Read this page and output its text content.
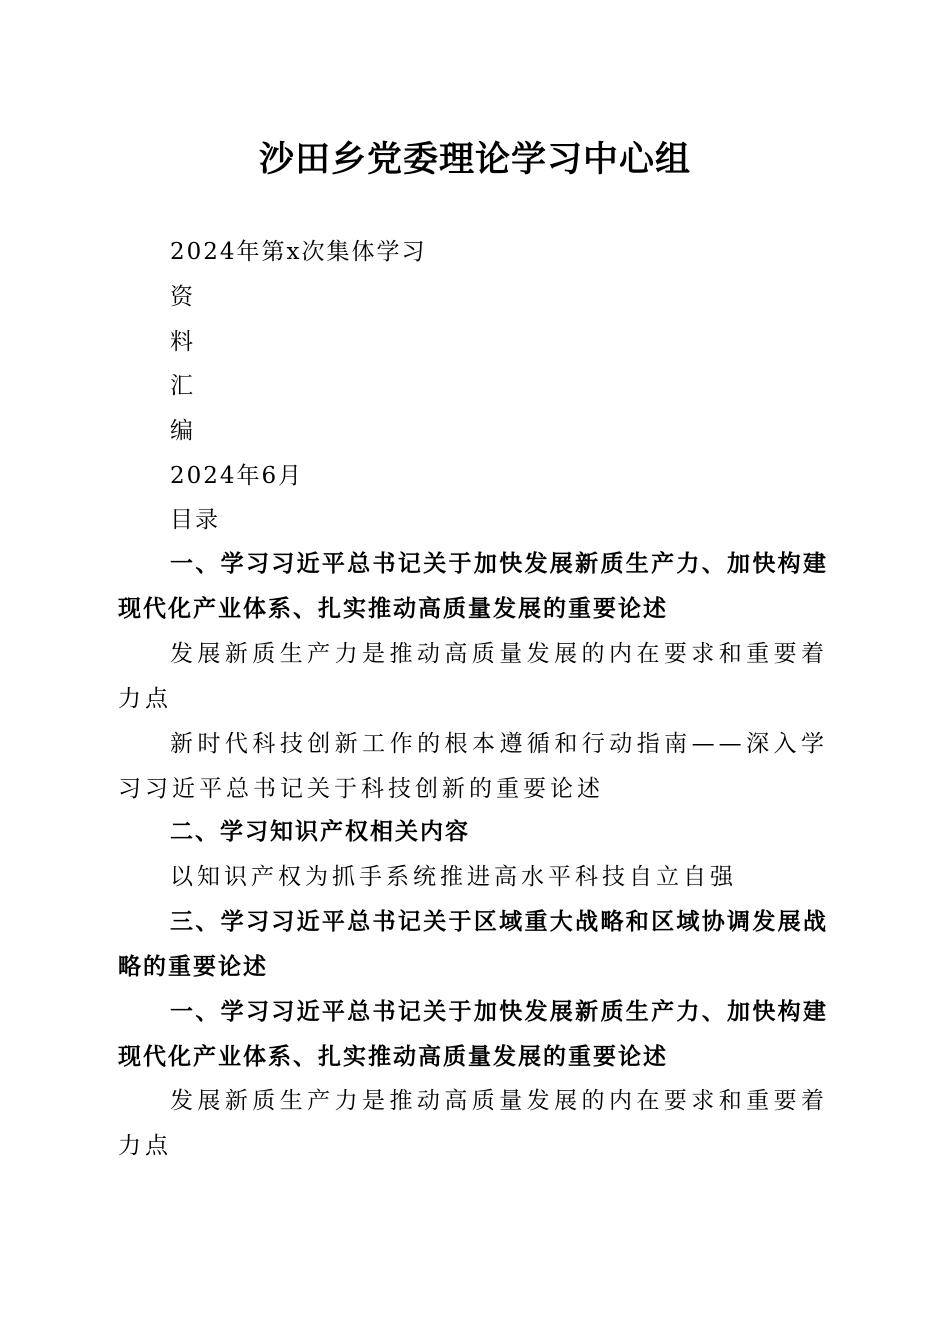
沙田乡党委理论学习中心组
2024年第x次集体学习
资
料
汇
编
2024年6月
目录
一、学习习近平总书记关于加快发展新质生产力、加快构建现代化产业体系、扎实推动高质量发展的重要论述
发展新质生产力是推动高质量发展的内在要求和重要着力点
新时代科技创新工作的根本遵循和行动指南——深入学习习近平总书记关于科技创新的重要论述
二、学习知识产权相关内容
以知识产权为抓手系统推进高水平科技自立自强
三、学习习近平总书记关于区域重大战略和区域协调发展战略的重要论述
一、学习习近平总书记关于加快发展新质生产力、加快构建现代化产业体系、扎实推动高质量发展的重要论述
发展新质生产力是推动高质量发展的内在要求和重要着力点
